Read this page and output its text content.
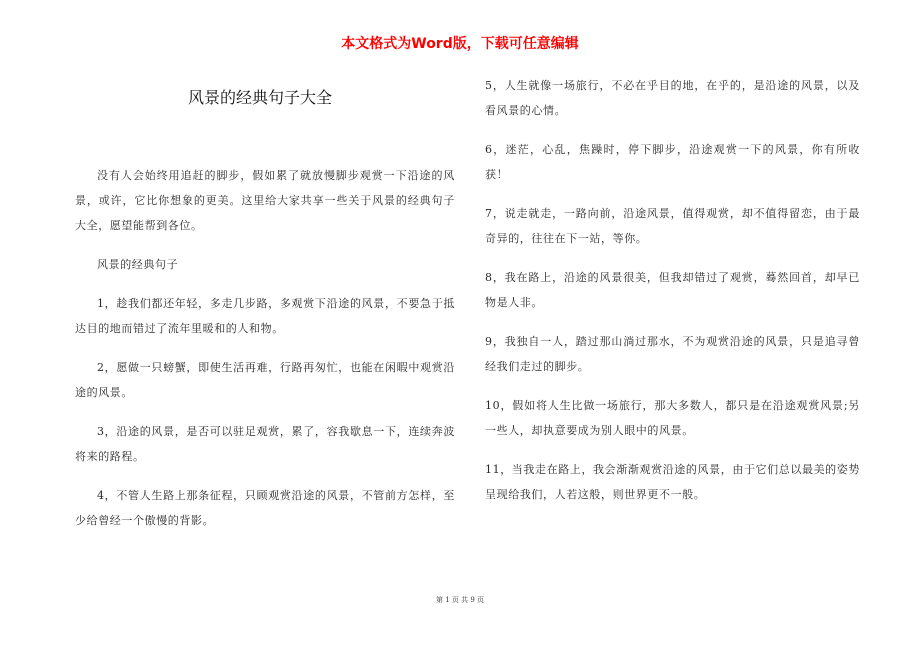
本文格式为Word版，下载可任意编辑
风景的经典句子大全

没有人会始终用追赶的脚步，假如累了就放慢脚步观赏一下沿途的风景，或许，它比你想象的更美。这里给大家共享一些关于风景的经典句子大全，愿望能帮到各位。

风景的经典句子

1，趁我们都还年轻，多走几步路，多观赏下沿途的风景，不要急于抵达目的地而错过了流年里暖和的人和物。

2，愿做一只螃蟹，即使生活再难，行路再匆忙，也能在闲暇中观赏沿途的风景。

3，沿途的风景，是否可以驻足观赏，累了，容我歇息一下，连续奔波将来的路程。

4，不管人生路上那条征程，只顾观赏沿途的风景，不管前方怎样，至少给曾经一个傲慢的背影。

5，人生就像一场旅行，不必在乎目的地，在乎的，是沿途的风景，以及看风景的心情。

6，迷茫，心乱，焦躁时，停下脚步，沿途观赏一下的风景，你有所收获！

7，说走就走，一路向前，沿途风景，值得观赏，却不值得留恋，由于最奇异的，往往在下一站，等你。

8，我在路上，沿途的风景很美，但我却错过了观赏，蓦然回首，却早已物是人非。

9，我独自一人，踏过那山淌过那水，不为观赏沿途的风景，只是追寻曾经我们走过的脚步。

10，假如将人生比做一场旅行，那大多数人，都只是在沿途观赏风景;另一些人，却执意要成为别人眼中的风景。

11，当我走在路上，我会渐渐观赏沿途的风景，由于它们总以最美的姿势呈现给我们，人若这般，则世界更不一般。

第 1 页 共 9 页
